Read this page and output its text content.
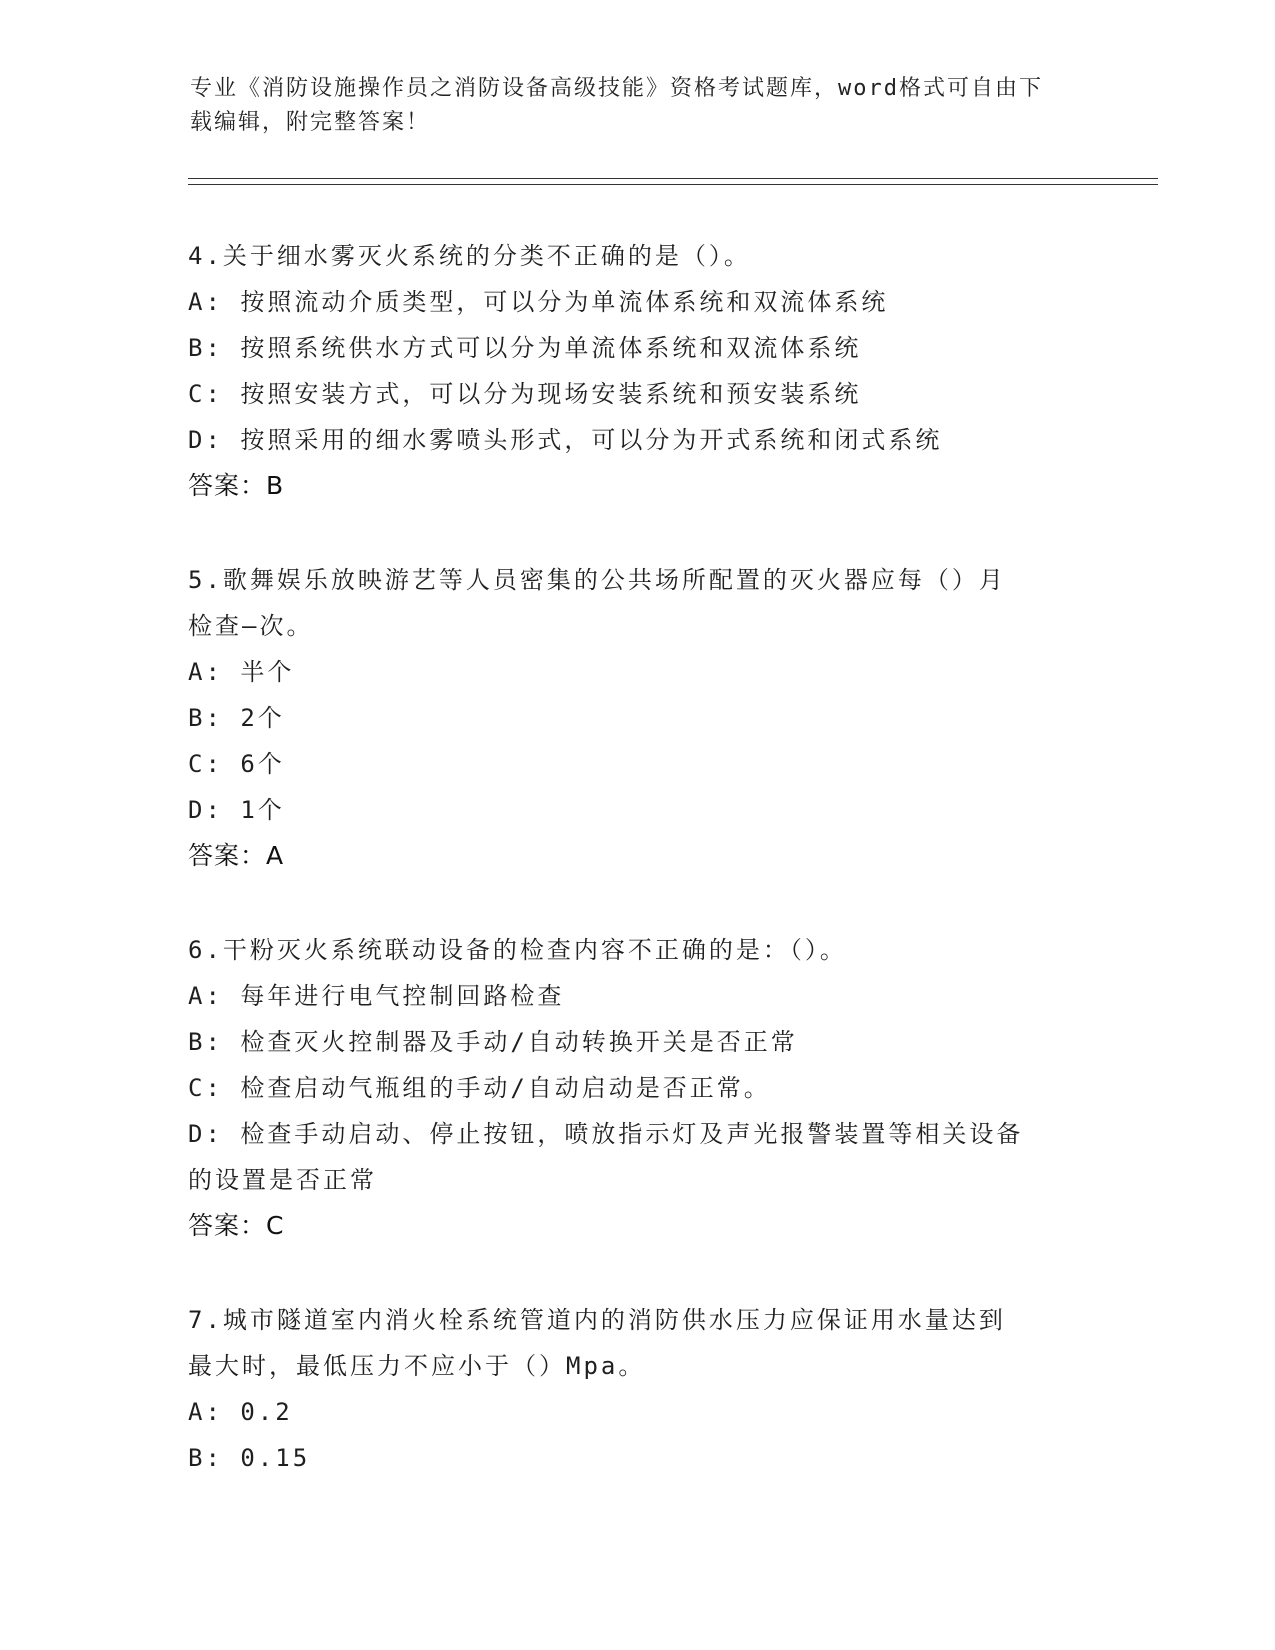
专业《消防设施操作员之消防设备高级技能》资格考试题库，word格式可自由下
载编辑，附完整答案！
4.关于细水雾灭火系统的分类不正确的是（）。
A: 按照流动介质类型，可以分为单流体系统和双流体系统
B: 按照系统供水方式可以分为单流体系统和双流体系统
C: 按照安装方式，可以分为现场安装系统和预安装系统
D: 按照采用的细水雾喷头形式，可以分为开式系统和闭式系统
答案：B
5.歌舞娱乐放映游艺等人员密集的公共场所配置的灭火器应每（）月
检查—次。
A: 半个
B: 2个
C: 6个
D: 1个
答案：A
6.干粉灭火系统联动设备的检查内容不正确的是：（）。
A: 每年进行电气控制回路检查
B: 检查灭火控制器及手动/自动转换开关是否正常
C: 检查启动气瓶组的手动/自动启动是否正常。
D: 检查手动启动、停止按钮，喷放指示灯及声光报警装置等相关设备
的设置是否正常
答案：C
7.城市隧道室内消火栓系统管道内的消防供水压力应保证用水量达到
最大时，最低压力不应小于（）Mpa。
A: 0.2
B: 0.15
